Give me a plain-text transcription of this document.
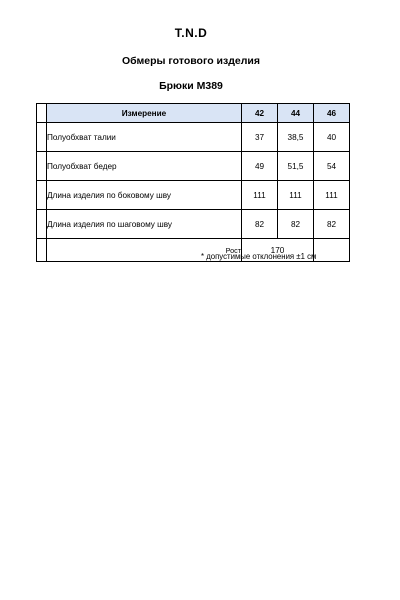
T.N.D
Обмеры готового изделия
Брюки М389
	Измерение	42	44	46
	Полуобхват талии	37	38,5	40
	Полуобхват бедер	49	51,5	54
	Длина изделия по боковому шву	111	111	111
	Длина изделия по шаговому шву	82	82	82
	Рост	170		
* допустимые отклонения ±1 см
